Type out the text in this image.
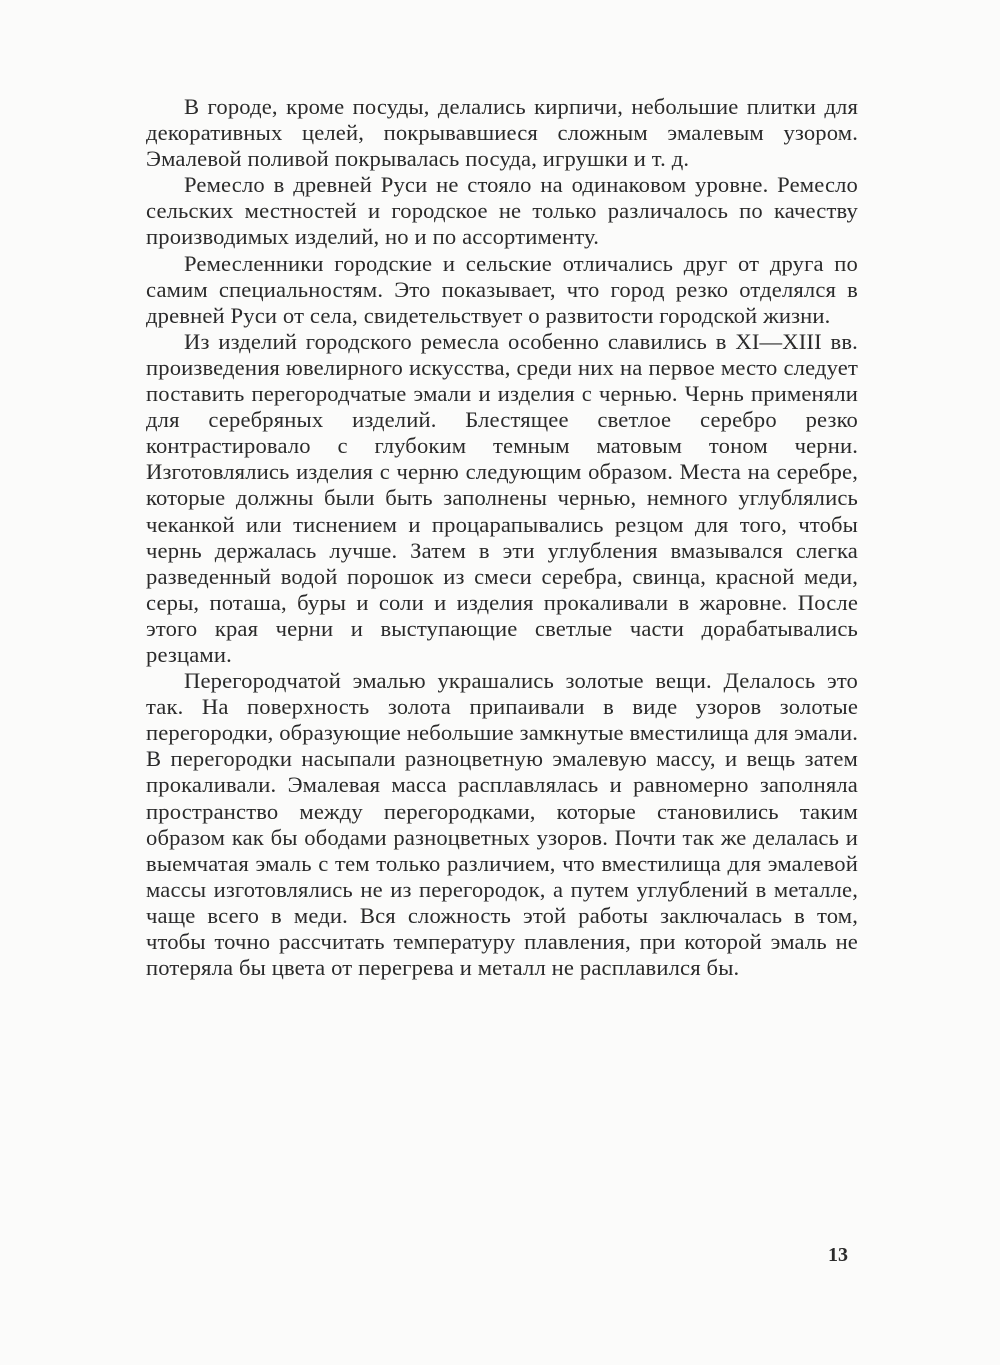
В городе, кроме посуды, делались кирпичи, небольшие плитки для декоративных целей, покрывавшиеся сложным эмалевым узором. Эмалевой поливой покрывалась посуда, игрушки и т. д.

Ремесло в древней Руси не стояло на одинаковом уровне. Ремесло сельских местностей и городское не только различалось по качеству производимых изделий, но и по ассортименту.

Ремесленники городские и сельские отличались друг от друга по самим специальностям. Это показывает, что город резко отделялся в древней Руси от села, свидетельствует о развитости городской жизни.

Из изделий городского ремесла особенно славились в XI—XIII вв. произведения ювелирного искусства, среди них на первое место следует поставить перегородчатые эмали и изделия с чернью. Чернь применяли для серебряных изделий. Блестящее светлое серебро резко контрастировало с глубоким темным матовым тоном черни. Изготовлялись изделия с черню следующим образом. Места на серебре, которые должны были быть заполнены чернью, немного углублялись чеканкой или тиснением и процарапывались резцом для того, чтобы чернь держалась лучше. Затем в эти углубления вмазывался слегка разведенный водой порошок из смеси серебра, свинца, красной меди, серы, поташа, буры и соли и изделия прокаливали в жаровне. После этого края черни и выступающие светлые части дорабатывались резцами.

Перегородчатой эмалью украшались золотые вещи. Делалось это так. На поверхность золота припаивали в виде узоров золотые перегородки, образующие небольшие замкнутые вместилища для эмали. В перегородки насыпали разноцветную эмалевую массу, и вещь затем прокаливали. Эмалевая масса расплавлялась и равномерно заполняла пространство между перегородками, которые становились таким образом как бы ободами разноцветных узоров. Почти так же делалась и выемчатая эмаль с тем только различием, что вместилища для эмалевой массы изготовлялись не из перегородок, а путем углублений в металле, чаще всего в меди. Вся сложность этой работы заключалась в том, чтобы точно рассчитать температуру плавления, при которой эмаль не потеряла бы цвета от перегрева и металл не расплавился бы.

13
